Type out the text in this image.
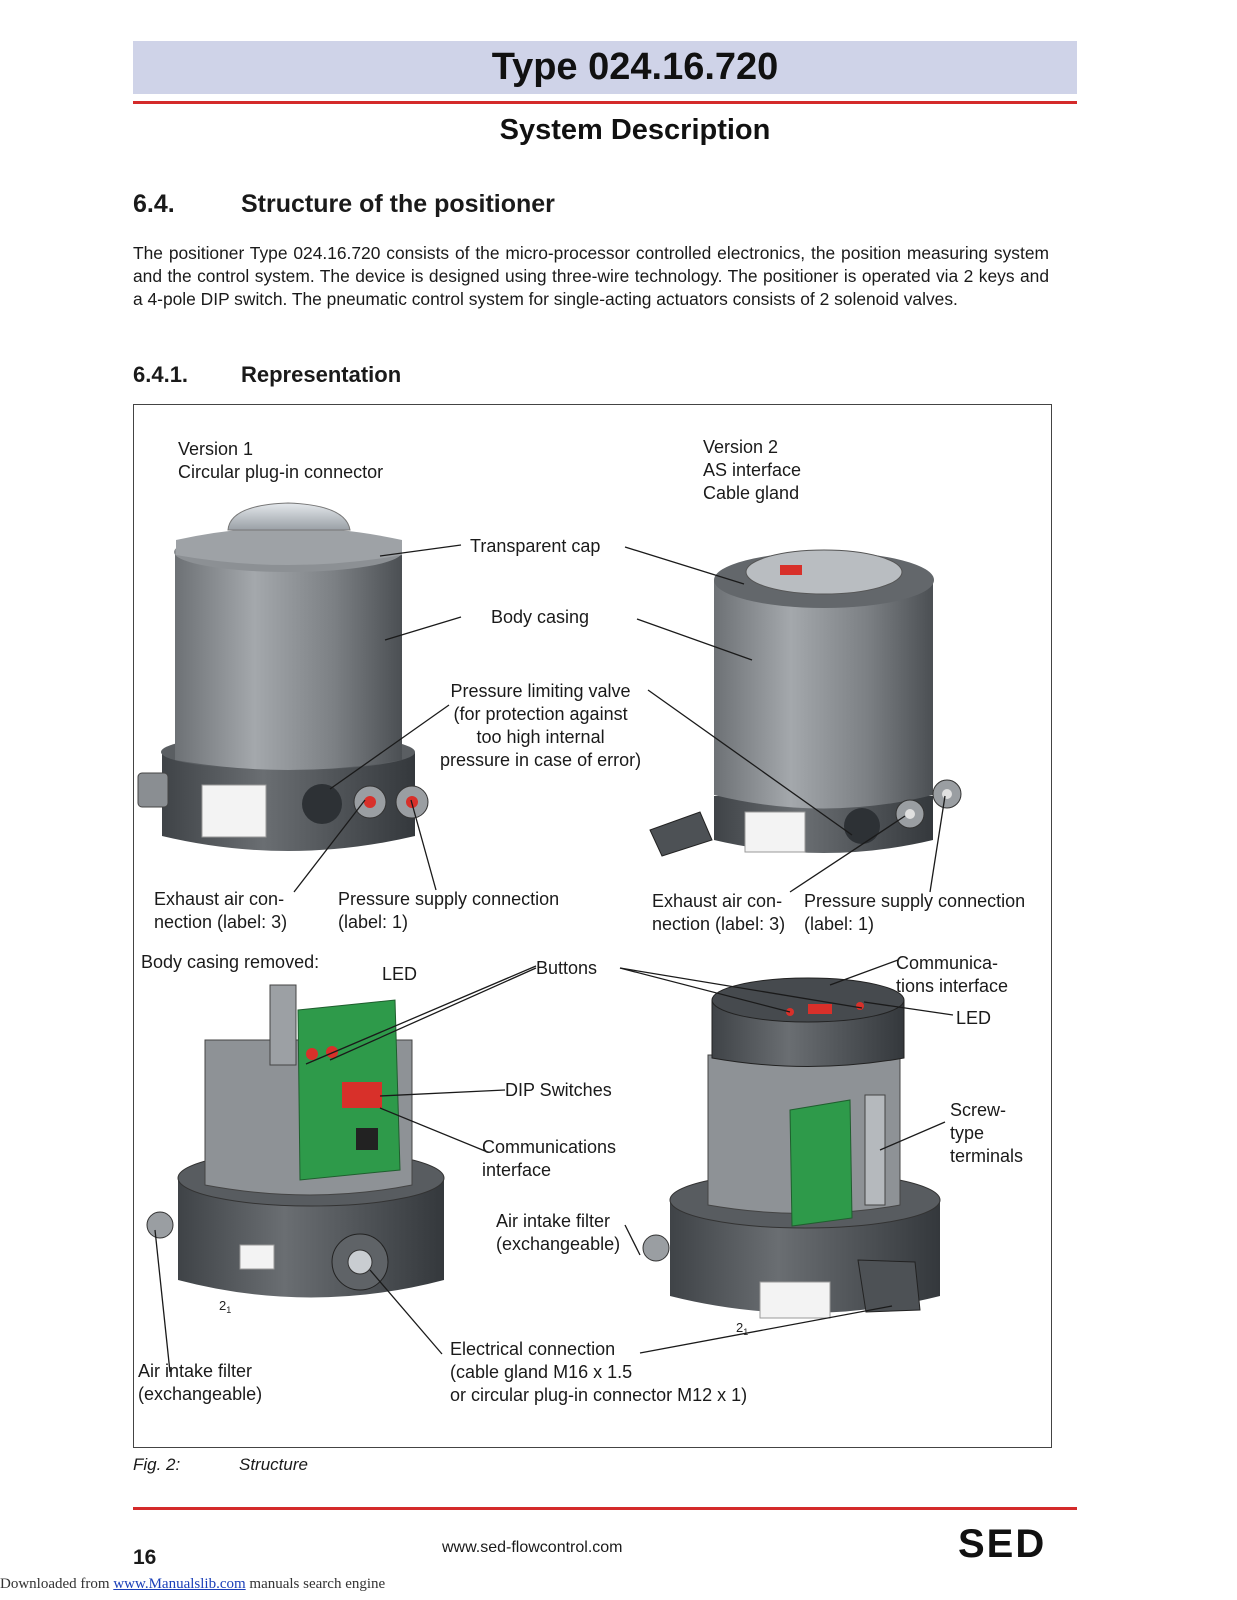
Type 024.16.720
System Description
6.4.	Structure of the positioner
The positioner Type 024.16.720 consists of the micro-processor controlled electronics, the position measuring system and the control system. The device is designed using three-wire technology. The positioner is operated via 2 keys and a 4-pole DIP switch. The pneumatic control system for single-acting actuators consists of 2 solenoid valves.
6.4.1. Representation
$2_1$
$2_1$
Version 1
Circular plug-in connector
Version 2
AS interface
Cable gland
Transparent cap
Body casing
Pressure limiting valve
(for protection against
too high internal
pressure in case of error)
Exhaust air con-
nection (label: 3)
Pressure supply connection
(label: 1)
Exhaust air con-
nection (label: 3)
Pressure supply connection
(label: 1)
Body casing removed:
LED	Buttons	Communica-
tions interface
LED
DIP Switches
Communications
interface
Screw-
type
terminals
Air intake filter
(exchangeable)
Air intake filter
(exchangeable)
Electrical connection
(cable gland M16 x 1.5
or circular plug-in connector M12 x 1)
Fig. 2:	Structure
16	www.sed-flowcontrol.com	SED
Downloaded from www.Manualslib.com manuals search engine
